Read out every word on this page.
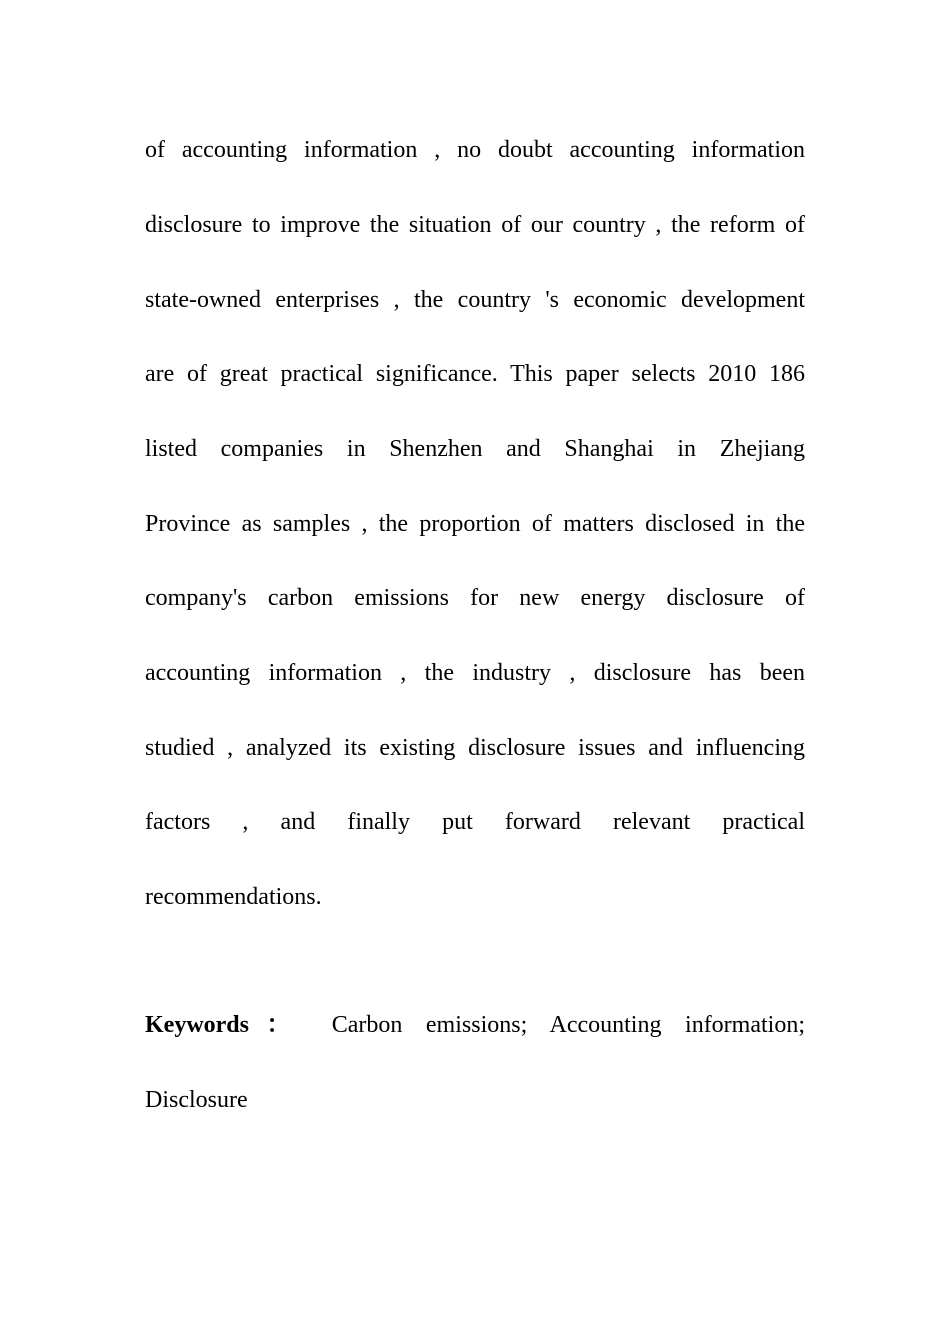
of accounting information , no doubt accounting information
disclosure to improve the situation of our country , the reform of
state-owned enterprises , the country 's economic development
are of great practical significance. This paper selects 2010 186
listed companies in Shenzhen and Shanghai in Zhejiang
Province as samples , the proportion of matters disclosed in the
company's carbon emissions for new energy disclosure of
accounting information , the industry , disclosure has been
studied , analyzed its existing disclosure issues and influencing
factors , and finally put forward relevant practical
recommendations.
Keywords： Carbon emissions; Accounting information;
Disclosure
